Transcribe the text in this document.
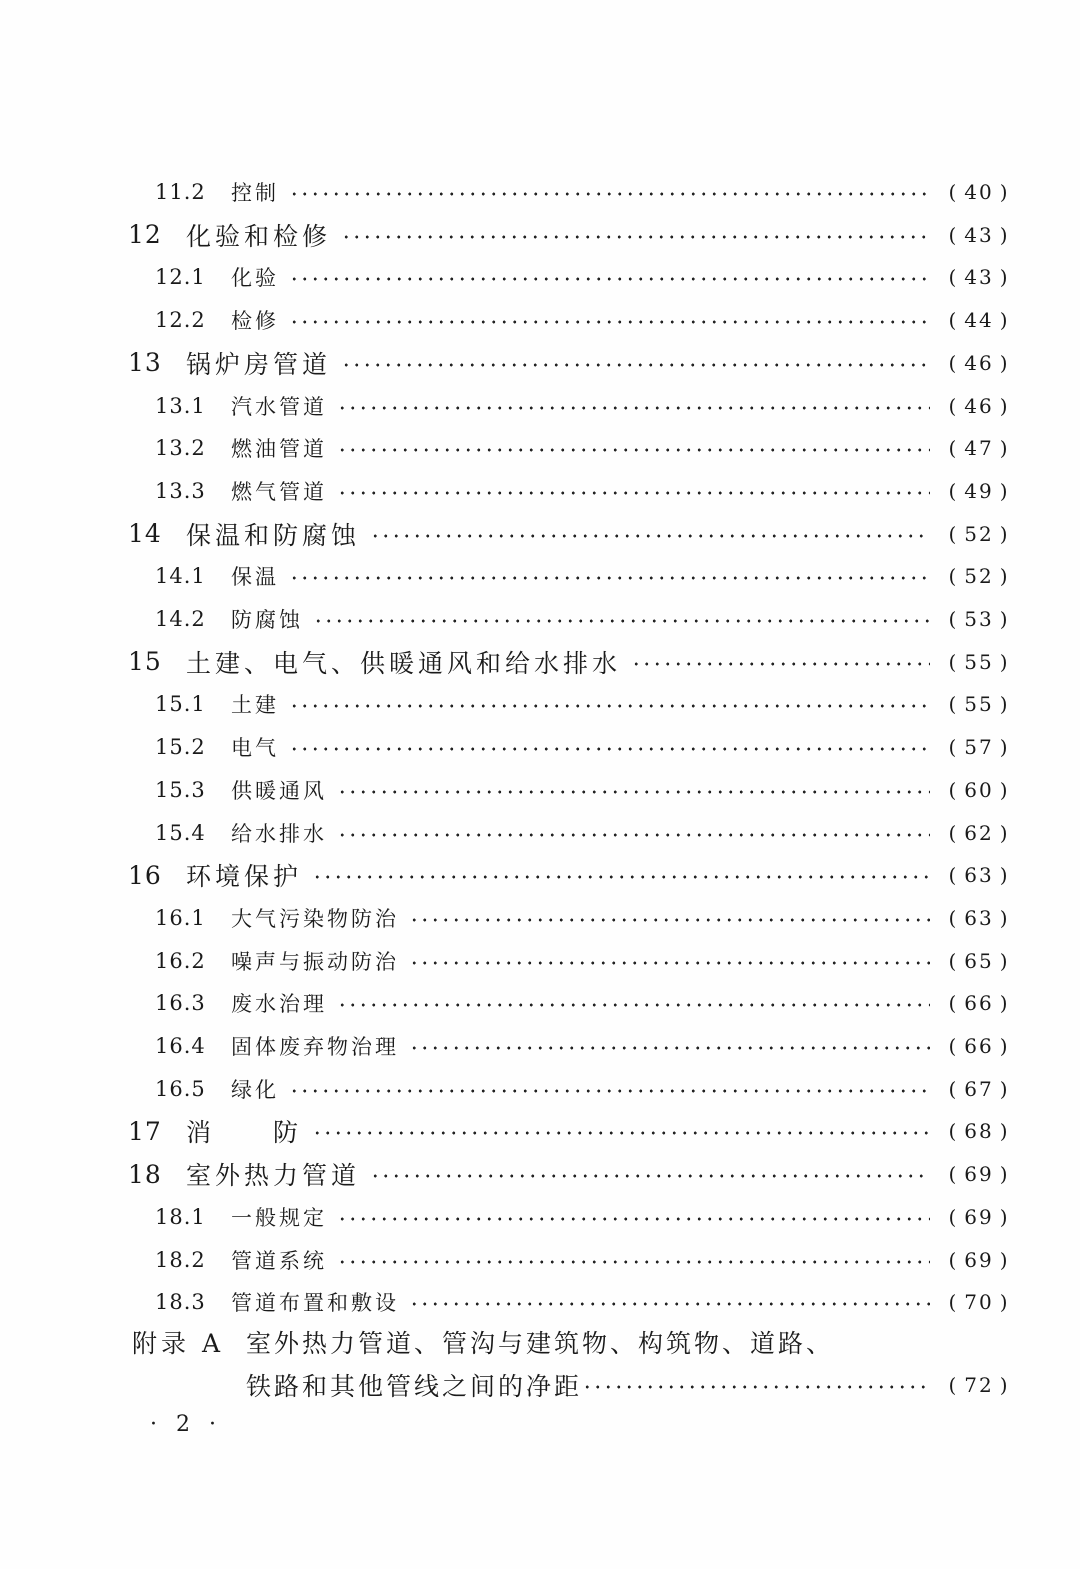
11.2	控制	(  40  )
12 化验和检修	(  43  )
12.1	化验	(  43  )
12.2	检修	(  44  )
13 锅炉房管道	(  46  )
13.1	汽水管道	(  46  )
13.2	燃油管道	(  47  )
13.3	燃气管道	(  49  )
14 保温和防腐蚀	(  52  )
14.1	保温	(  52  )
14.2	防腐蚀	(  53  )
15 土建、电气、供暖通风和给水排水	(  55  )
15.1	土建	(  55  )
15.2	电气	(  57  )
15.3	供暖通风	(  60  )
15.4	给水排水	(  62  )
16 环境保护	(  63  )
16.1	大气污染物防治	(  63  )
16.2	噪声与振动防治	(  65  )
16.3	废水治理	(  66  )
16.4	固体废弃物治理	(  66  )
16.5	绿化	(  67  )
17 消　　防	(  68  )
18 室外热力管道	(  69  )
18.1	一般规定	(  69  )
18.2	管道系统	(  69  )
18.3	管道布置和敷设	(  70  )
附录 A 室外热力管道、管沟与建筑物、构筑物、道路、
铁路和其他管线之间的净距	(  72  )
· 2 ·
